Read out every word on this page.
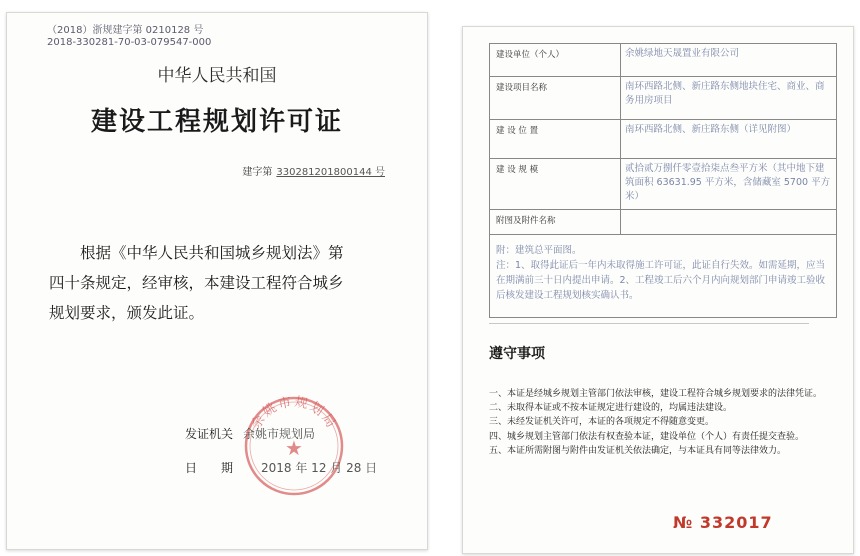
（2018）浙规建字第 0210128 号
2018-330281-70-03-079547-000
中华人民共和国
建设工程规划许可证
建字第 330281201800144 号

根据《中华人民共和国城乡规划法》第

四十条规定，经审核，本建设工程符合城乡

规划要求，颁发此证。

余姚市规划局
★
发证机关 余姚市规划局
日　　期 2018 年 12 月 28 日
建设单位（个人）	余姚绿地天晟置业有限公司
建设项目名称	南环西路北侧、新庄路东侧地块住宅、商业、商务用房项目
建 设 位 置	南环西路北侧、新庄路东侧（详见附图）
建 设 规 模	贰拾贰万捌仟零壹拾柒点叁平方米（其中地下建筑面积 63631.95 平方米，含储藏室 5700 平方米）
附图及附件名称	

附：建筑总平面图。
注：1、取得此证后一年内未取得施工许可证，此证自行失效。如需延期，应当在期满前三十日内提出申请。2、工程竣工后六个月内向规划部门申请竣工验收后核发建设工程规划核实确认书。	
遵守事项

一、本证是经城乡规划主管部门依法审核，建设工程符合城乡规划要求的法律凭证。

二、未取得本证或不按本证规定进行建设的，均属违法建设。

三、未经发证机关许可，本证的各项规定不得随意变更。

四、城乡规划主管部门依法有权查验本证，建设单位（个人）有责任提交查验。

五、本证所需附图与附件由发证机关依法确定，与本证具有同等法律效力。

№ 332017
